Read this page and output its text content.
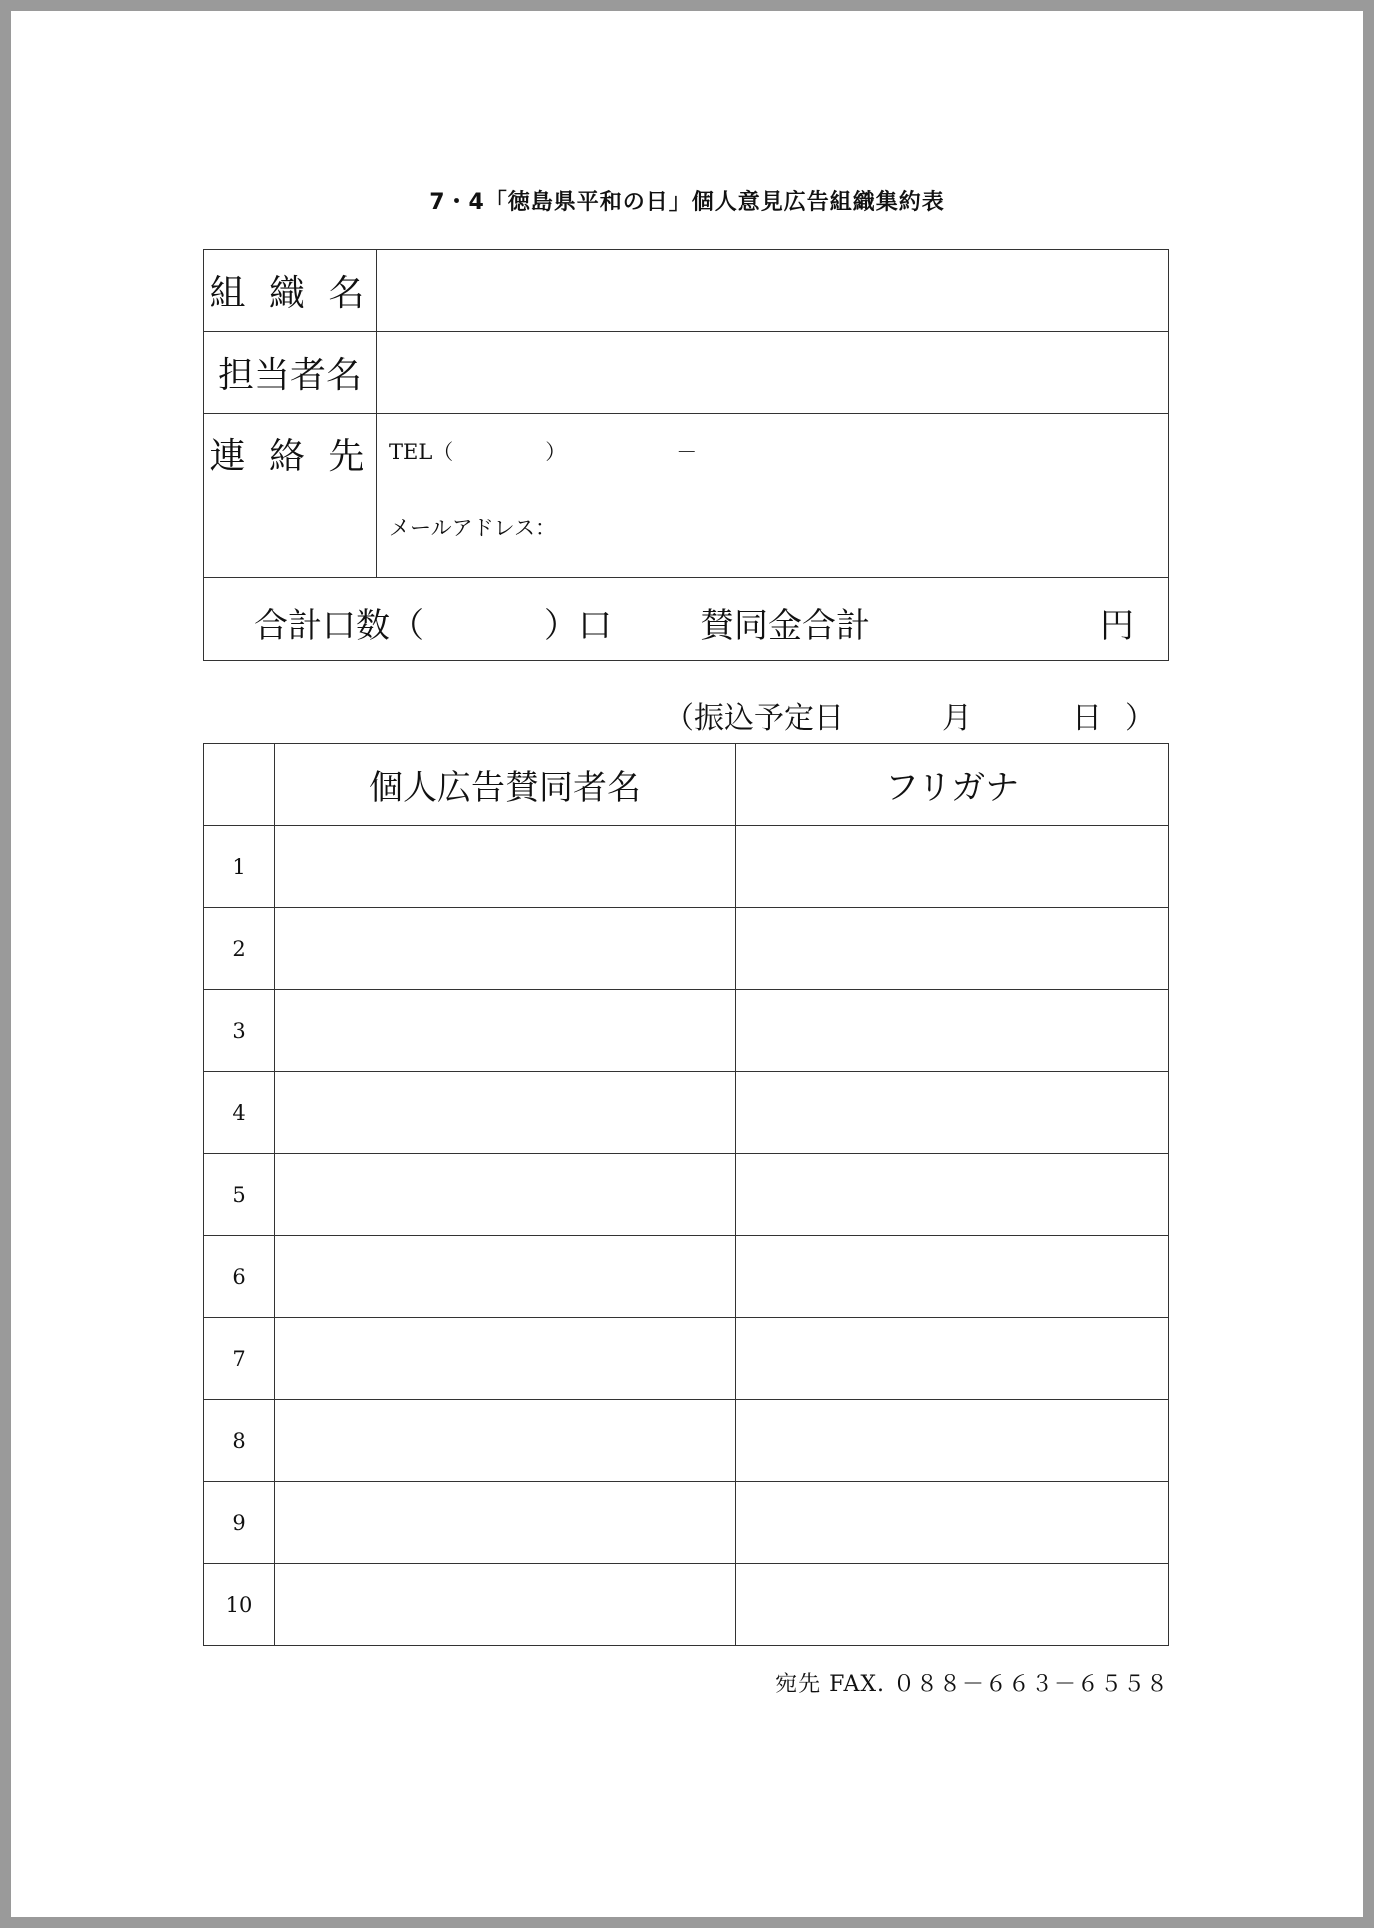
7・4「徳島県平和の日」個人意見広告組織集約表
組 織 名	
担当者名	
連 絡 先	TEL（ ） －
メールアドレス：

合計口数（ ）口 賛同金合計 円	
（振込予定日	月	日 ）
	個人広告賛同者名	フリガナ
1		
2		
3		
4		
5		
6		
7		
8		
9		
10		
宛先 FAX. ０８８－６６３－６５５８
